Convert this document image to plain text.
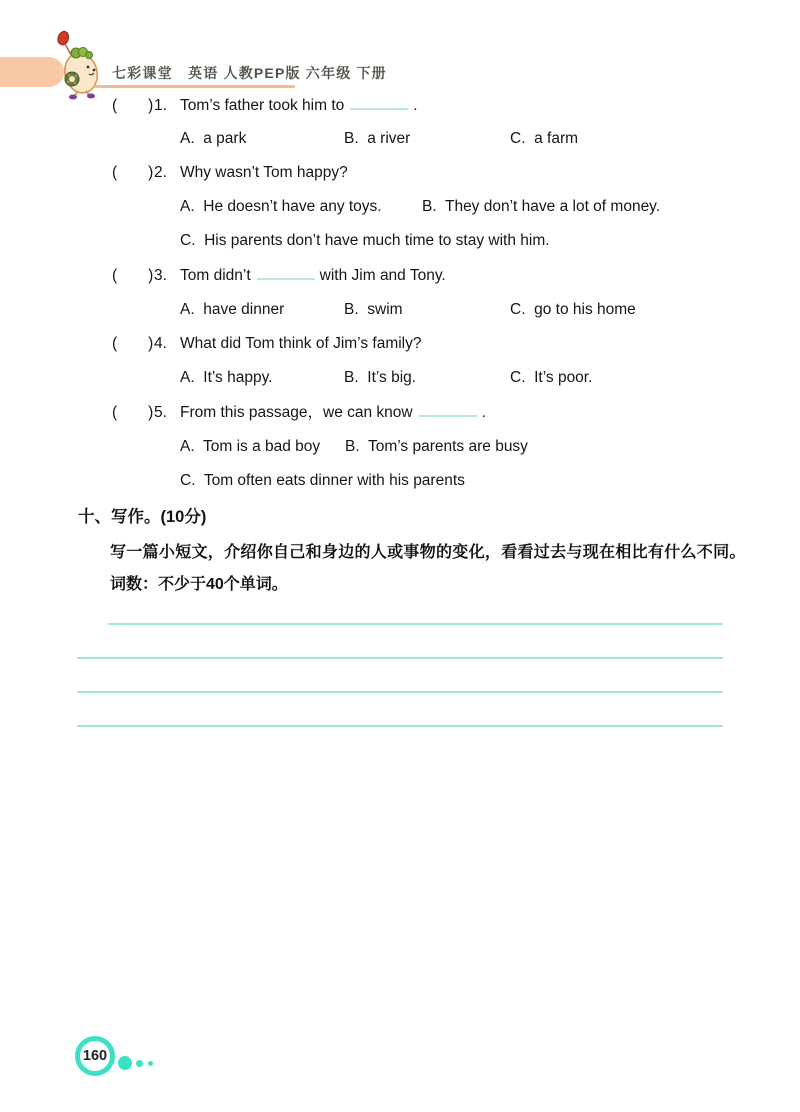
七彩课堂　英语 人教PEP版 六年级 下册
(  )1. Tom’s father took him to	.
A.  a park	B.  a river	C.  a farm
(  )2. Why wasn’t Tom happy?
A.  He doesn’t have any toys.	B.  They don’t have a lot of money.
C.  His parents don’t have much time to stay with him.
(  )3. Tom didn’t	with Jim and Tony.
A.  have dinner	B.  swim	C.  go to his home
(  )4. What did Tom think of Jim’s family?
A.  It’s happy.	B.  It’s big.	C.  It’s poor.
(  )5. From this passage，we can know	.
A.  Tom is a bad boy B.  Tom’s parents are busy
C.  Tom often eats dinner with his parents
十、写作。(10分)
写一篇小短文，介绍你自己和身边的人或事物的变化，看看过去与现在相比有什么不同。
词数：不少于40个单词。
160
